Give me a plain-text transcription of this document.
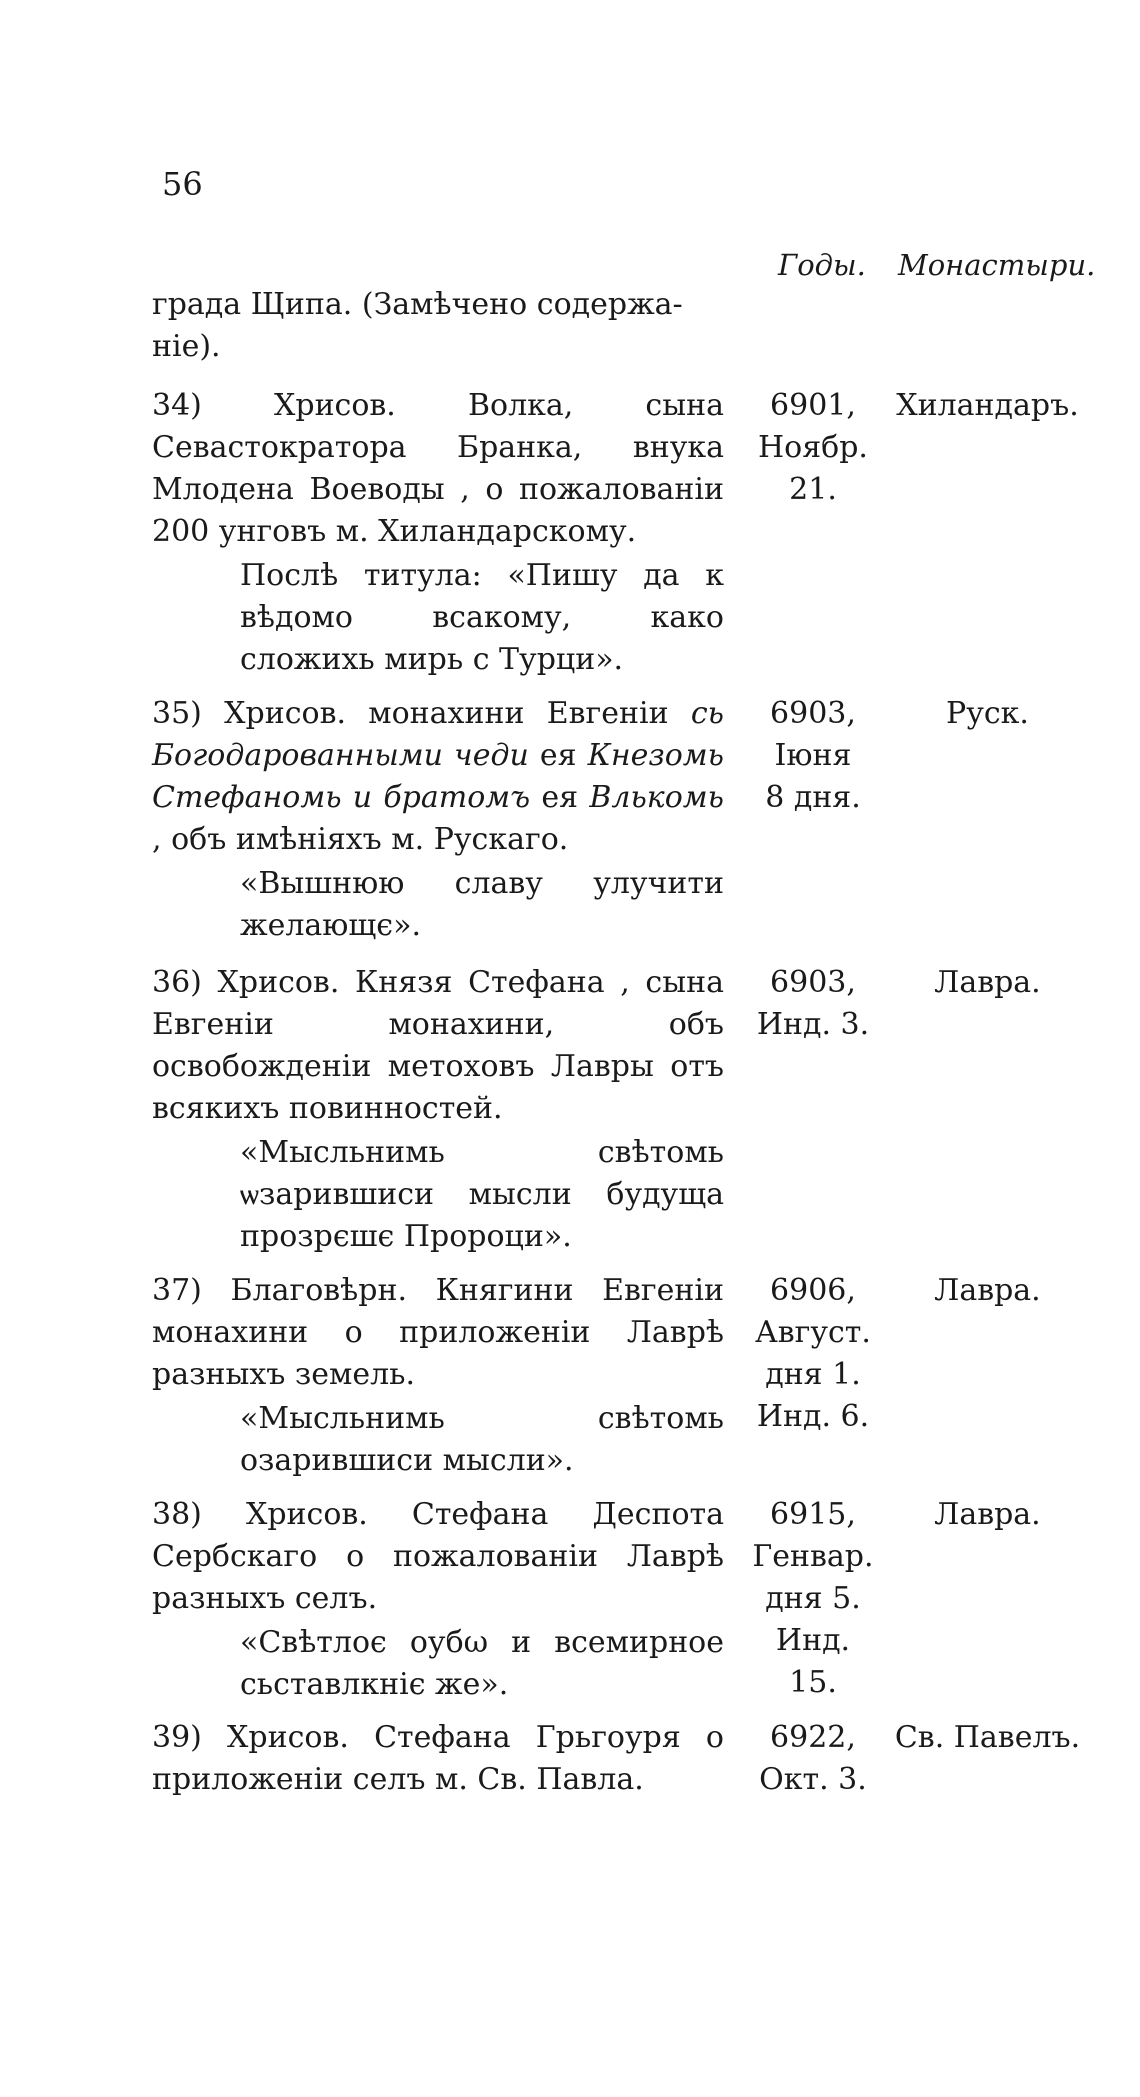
56
Годы. Монастыри.
града Щипа. (Замѣчено содержа-
ніе).
34) Хрисов. Волка, сына Севастократора Бранка, внука Млодена Воеводы , о пожалованіи 200 унговъ м. Хиландарскому.
Послѣ титула: «Пишу да к вѣдомо всакому, како сложихь мирь с Турци».
6901,
Ноябр.
21.
Хиландаръ.
35) Хрисов. монахини Евгеніи сь Богодарованными чеди ея Кнезомь Стефаномь и братомъ ея Влькомь , объ имѣніяхъ м. Рускаго.
«Вышнюю славу улучити желающє».
6903,
Іюня
8 дня.
Руск.
36) Хрисов. Князя Стефана , сына Евгеніи монахини, объ освобожденіи метоховъ Лавры отъ всякихъ повинностей.
«Мысльнимь свѣтомь ѡзарившиси мысли будуща прозрєшє Пророци».
6903,
Инд. 3.
Лавра.
37) Благовѣрн. Княгини Евгеніи монахини о приложеніи Лаврѣ разныхъ земель.
«Мысльнимь свѣтомь озарившиси мысли».
6906,
Август.
дня 1.
Инд. 6.
Лавра.
38) Хрисов. Стефана Деспота Сербскаго о пожалованіи Лаврѣ разныхъ селъ.
«Свѣтлоє оубω и всемирное сьставлкніє же».
6915,
Генвар.
дня 5.
Инд. 15.
Лавра.
39) Хрисов. Стефана Грьгоуря о приложеніи селъ м. Св. Павла.
6922,
Окт. 3.
Св. Павелъ.
